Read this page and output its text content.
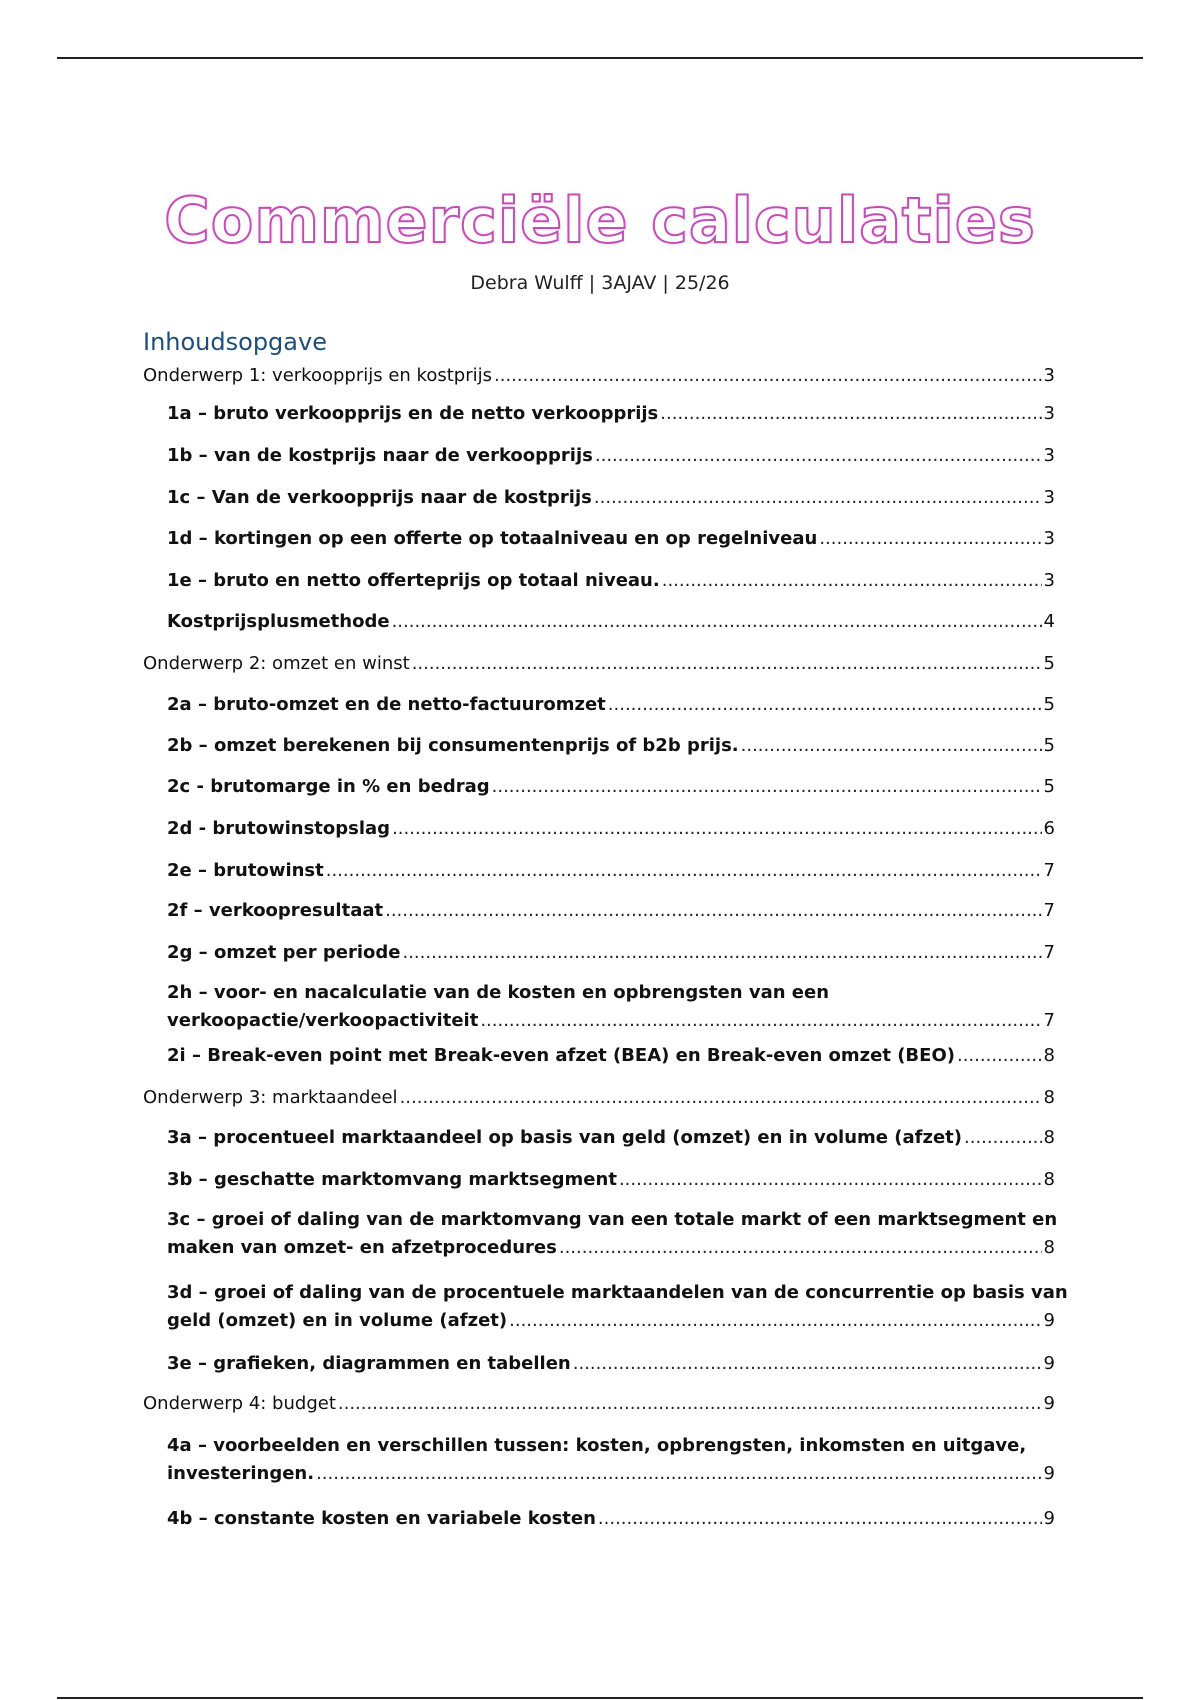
Commerciële calculaties
Debra Wulff | 3AJAV | 25/26
Inhoudsopgave
Onderwerp 1: verkoopprijs en kostprijs .....	3
1a – bruto verkoopprijs en de netto verkoopprijs .....	3
1b – van de kostprijs naar de verkoopprijs .....	3
1c – Van de verkoopprijs naar de kostprijs .....	3
1d – kortingen op een offerte op totaalniveau en op regelniveau .....	3
1e – bruto en netto offerteprijs op totaal niveau. .....	3
Kostprijsplusmethode .....	4
Onderwerp 2: omzet en winst .....	5
2a – bruto-omzet en de netto-factuuromzet .....	5
2b – omzet berekenen bij consumentenprijs of b2b prijs. .....	5
2c - brutomarge in % en bedrag .....	5
2d - brutowinstopslag .....	6
2e – brutowinst .....	7
2f – verkoopresultaat .....	7
2g – omzet per periode .....	7
2h – voor- en nacalculatie van de kosten en opbrengsten van een
verkoopactie/verkoopactiviteit .....	7
2i – Break-even point met Break-even afzet (BEA) en Break-even omzet (BEO) .....	8
Onderwerp 3: marktaandeel .....	8
3a – procentueel marktaandeel op basis van geld (omzet) en in volume (afzet) .....	8
3b – geschatte marktomvang marktsegment .....	8
3c – groei of daling van de marktomvang van een totale markt of een marktsegment en
maken van omzet- en afzetprocedures .....	8
3d – groei of daling van de procentuele marktaandelen van de concurrentie op basis van
geld (omzet) en in volume (afzet) .....	9
3e – grafieken, diagrammen en tabellen .....	9
Onderwerp 4: budget .....	9
4a – voorbeelden en verschillen tussen: kosten, opbrengsten, inkomsten en uitgave,
investeringen. .....	9
4b – constante kosten en variabele kosten .....	9
